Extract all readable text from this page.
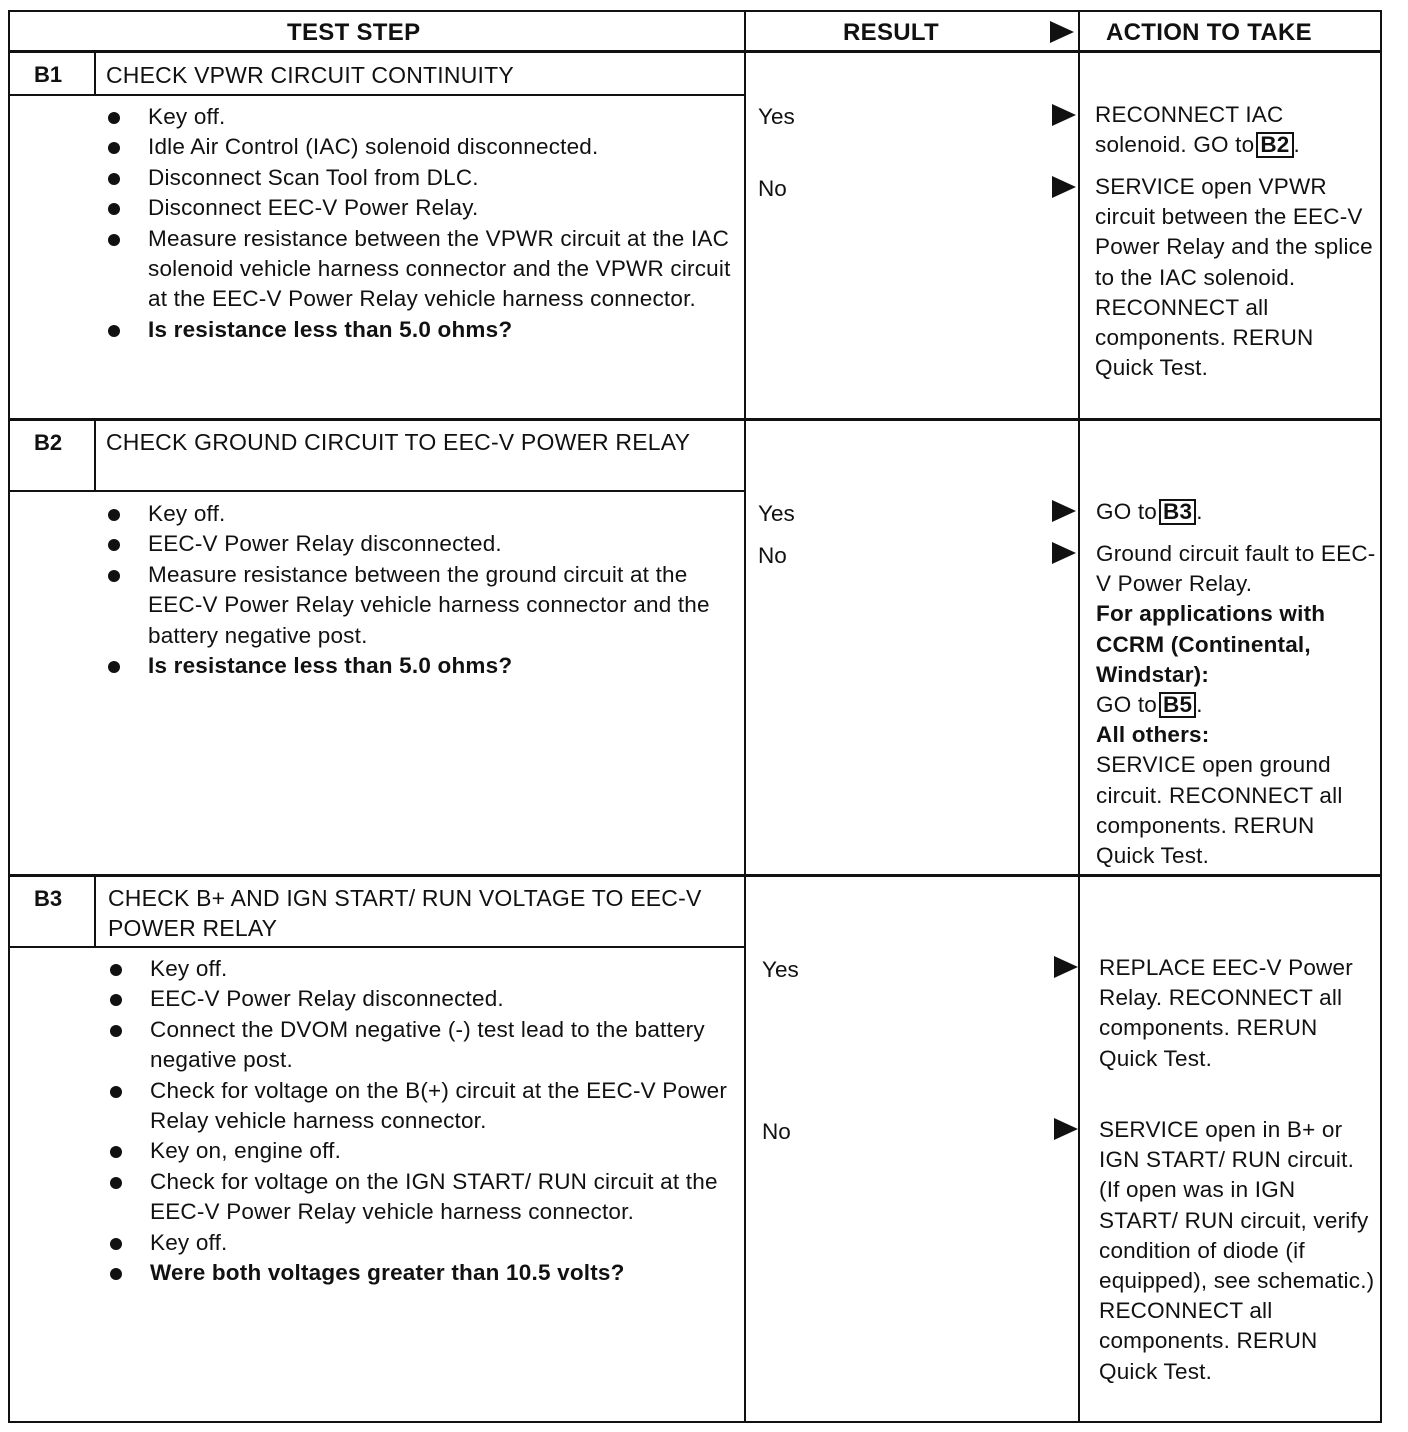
TEST STEP	RESULT	ACTION TO TAKE
B1 CHECK VPWR CIRCUIT CONTINUITY
Key off.
Idle Air Control (IAC) solenoid disconnected.
Disconnect Scan Tool from DLC.
Disconnect EEC-V Power Relay.
Measure resistance between the VPWR circuit at the IAC solenoid vehicle harness connector and the VPWR circuit at the EEC-V Power Relay vehicle harness connector.
Is resistance less than 5.0 ohms?
Yes	RECONNECT IAC solenoid. GO to B2 .
No	SERVICE open VPWR circuit between the EEC-V Power Relay and the splice to the IAC solenoid. RECONNECT all components. RERUN Quick Test.
B2 CHECK GROUND CIRCUIT TO EEC-V POWER RELAY
Key off.
EEC-V Power Relay disconnected.
Measure resistance between the ground circuit at the EEC-V Power Relay vehicle harness connector and the battery negative post.
Is resistance less than 5.0 ohms?
Yes	GO to B3 .
No	Ground circuit fault to EEC-V Power Relay.
For applications with CCRM (Continental, Windstar):
GO to B5 .
All others:
SERVICE open ground circuit. RECONNECT all components. RERUN Quick Test.
B3 CHECK B+ AND IGN START/ RUN VOLTAGE TO EEC-V POWER RELAY
Key off.
EEC-V Power Relay disconnected.
Connect the DVOM negative (-) test lead to the battery negative post.
Check for voltage on the B(+) circuit at the EEC-V Power Relay vehicle harness connector.
Key on, engine off.
Check for voltage on the IGN START/ RUN circuit at the EEC-V Power Relay vehicle harness connector.
Key off.
Were both voltages greater than 10.5 volts?
Yes	REPLACE EEC-V Power Relay. RECONNECT all components. RERUN Quick Test.
No	SERVICE open in B+ or IGN START/ RUN circuit. (If open was in IGN START/ RUN circuit, verify condition of diode (if equipped), see schematic.) RECONNECT all components. RERUN Quick Test.
